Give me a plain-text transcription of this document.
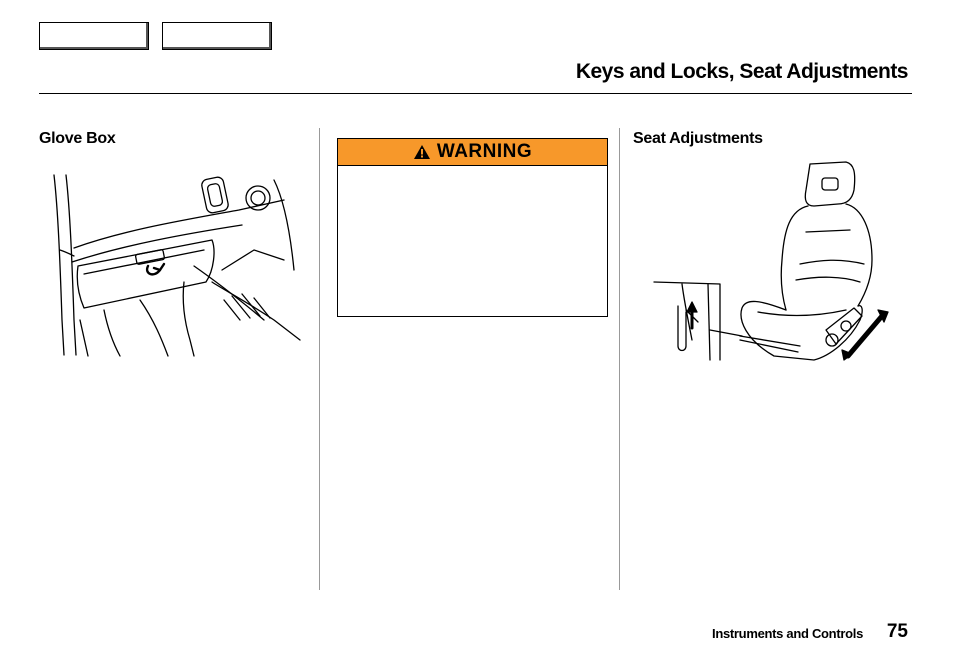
Keys and Locks, Seat Adjustments
Glove Box
WARNING
Seat Adjustments
Instruments and Controls 75
